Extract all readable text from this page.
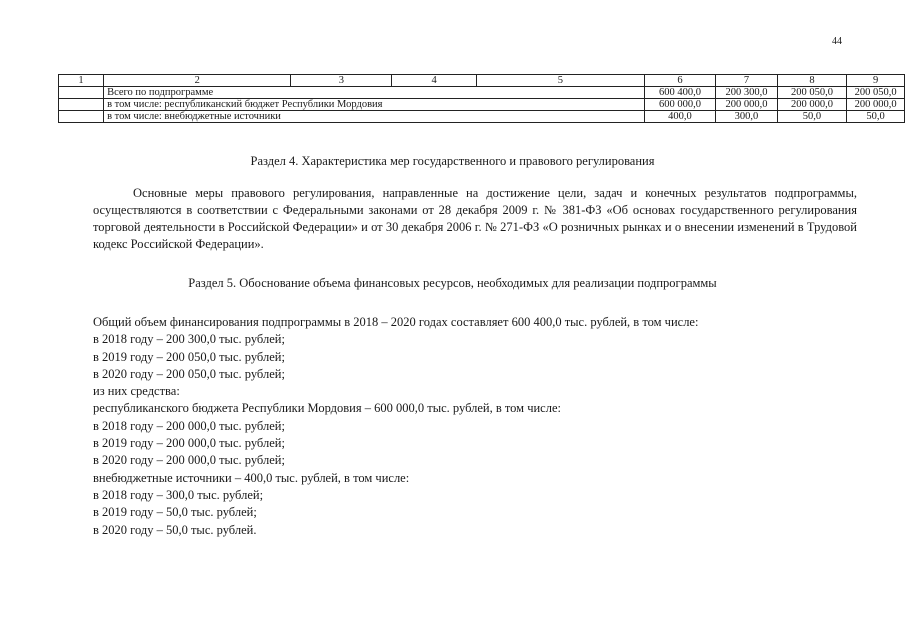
44
1	2	3	4	5	6	7	8	9
	Всего по подпрограмме				600 400,0	200 300,0	200 050,0	200 050,0
	в том числе: республиканский бюджет Республики Мордовия				600 000,0	200 000,0	200 000,0	200 000,0
	в том числе: внебюджетные источники				400,0	300,0	50,0	50,0
Раздел 4. Характеристика мер государственного и правового регулирования

Основные меры правового регулирования, направленные на достижение цели, задач и конечных результатов подпрограммы, осуществляются в соответствии с Федеральными законами от 28 декабря 2009 г. № 381-ФЗ «Об основах государственного регулирования торговой деятельности в Российской Федерации» и от 30 декабря 2006 г. № 271-ФЗ «О розничных рынках и о внесении изменений в Трудовой кодекс Российской Федерации».

Раздел 5. Обоснование объема финансовых ресурсов, необходимых для реализации подпрограммы
Общий объем финансирования подпрограммы в 2018 – 2020 годах составляет 600 400,0 тыс. рублей, в том числе:
в 2018 году – 200 300,0 тыс. рублей;
в 2019 году – 200 050,0 тыс. рублей;
в 2020 году – 200 050,0 тыс. рублей;
из них средства:
республиканского бюджета Республики Мордовия – 600 000,0 тыс. рублей, в том числе:
в 2018 году – 200 000,0 тыс. рублей;
в 2019 году – 200 000,0 тыс. рублей;
в 2020 году – 200 000,0 тыс. рублей;
внебюджетные источники – 400,0 тыс. рублей, в том числе:
в 2018 году – 300,0 тыс. рублей;
в 2019 году – 50,0 тыс. рублей;
в 2020 году – 50,0 тыс. рублей.
